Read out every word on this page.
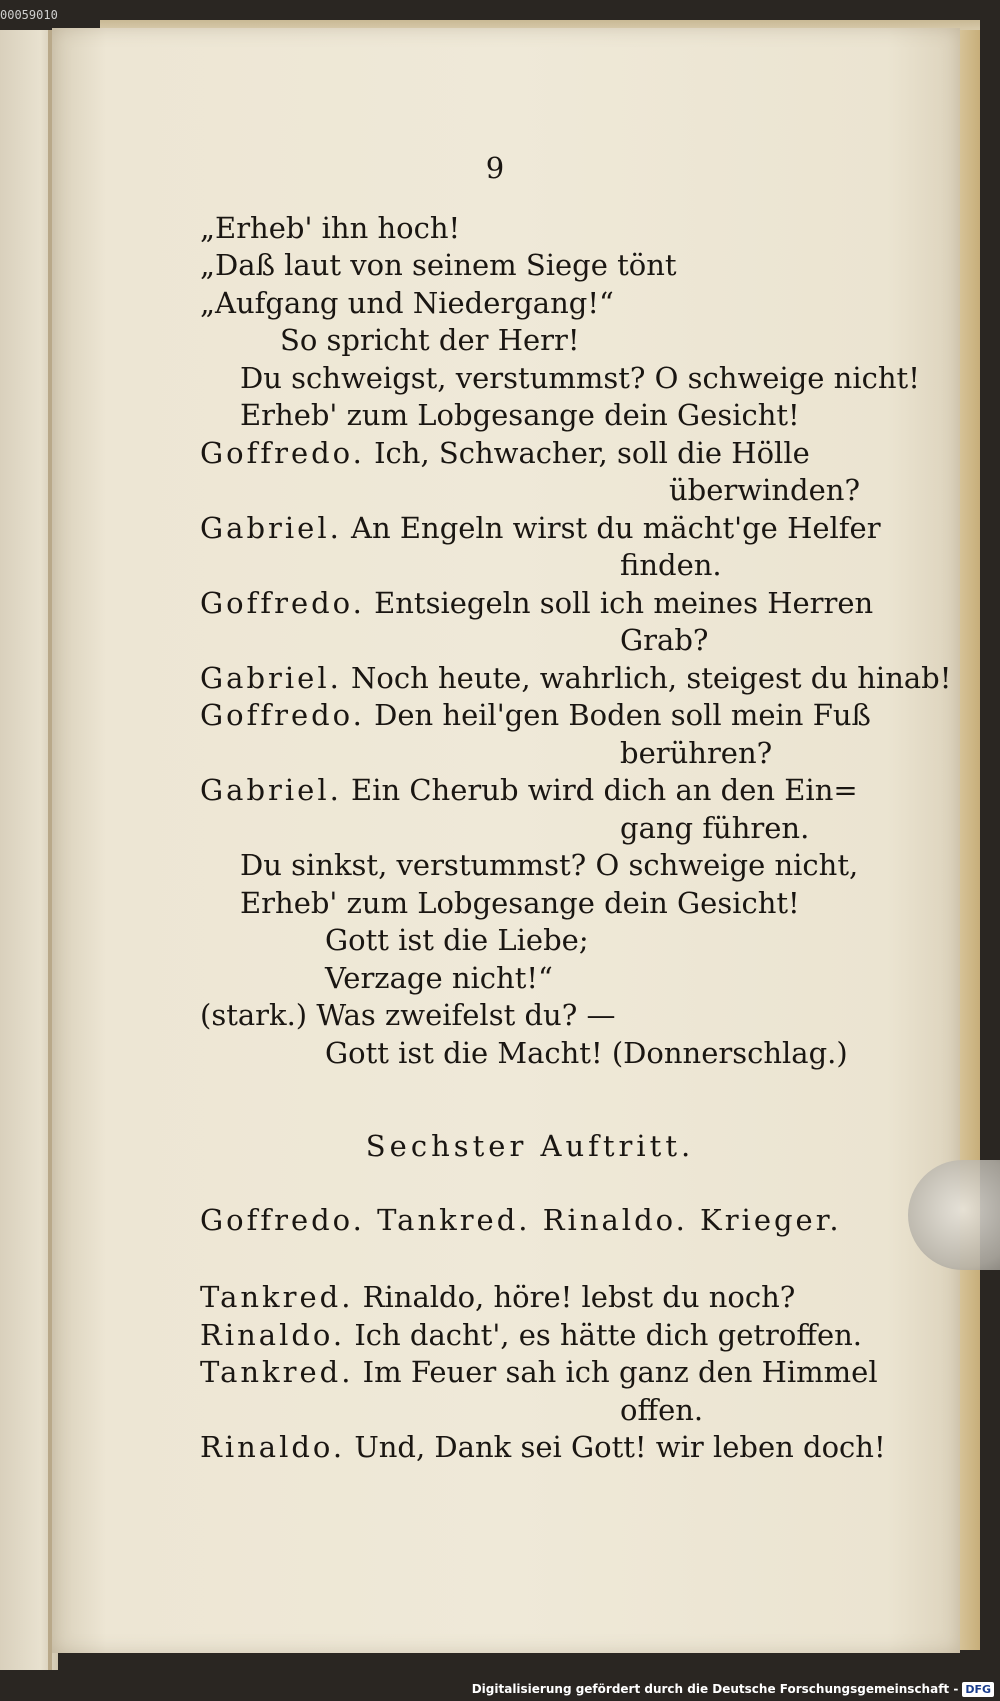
00059010
9
„Erheb' ihn hoch!
„Daß laut von seinem Siege tönt
„Aufgang und Niedergang!“
So spricht der Herr!
Du schweigst, verstummst? O schweige nicht!
Erheb' zum Lobgesange dein Gesicht!
Goffredo. Ich, Schwacher, soll die Hölle
überwinden?
Gabriel. An Engeln wirst du mächt'ge Helfer
finden.
Goffredo. Entsiegeln soll ich meines Herren
Grab?
Gabriel. Noch heute, wahrlich, steigest du hinab!
Goffredo. Den heil'gen Boden soll mein Fuß
berühren?
Gabriel. Ein Cherub wird dich an den Ein=
gang führen.
Du sinkst, verstummst? O schweige nicht,
Erheb' zum Lobgesange dein Gesicht!
Gott ist die Liebe;
Verzage nicht!“
(stark.) Was zweifelst du? —
Gott ist die Macht! (Donnerschlag.)
Sechster Auftritt.
Goffredo. Tankred. Rinaldo. Krieger.
Tankred. Rinaldo, höre! lebst du noch?
Rinaldo. Ich dacht', es hätte dich getroffen.
Tankred. Im Feuer sah ich ganz den Himmel
offen.
Rinaldo. Und, Dank sei Gott! wir leben doch!
Digitalisierung gefördert durch die Deutsche Forschungsgemeinschaft - DFG
